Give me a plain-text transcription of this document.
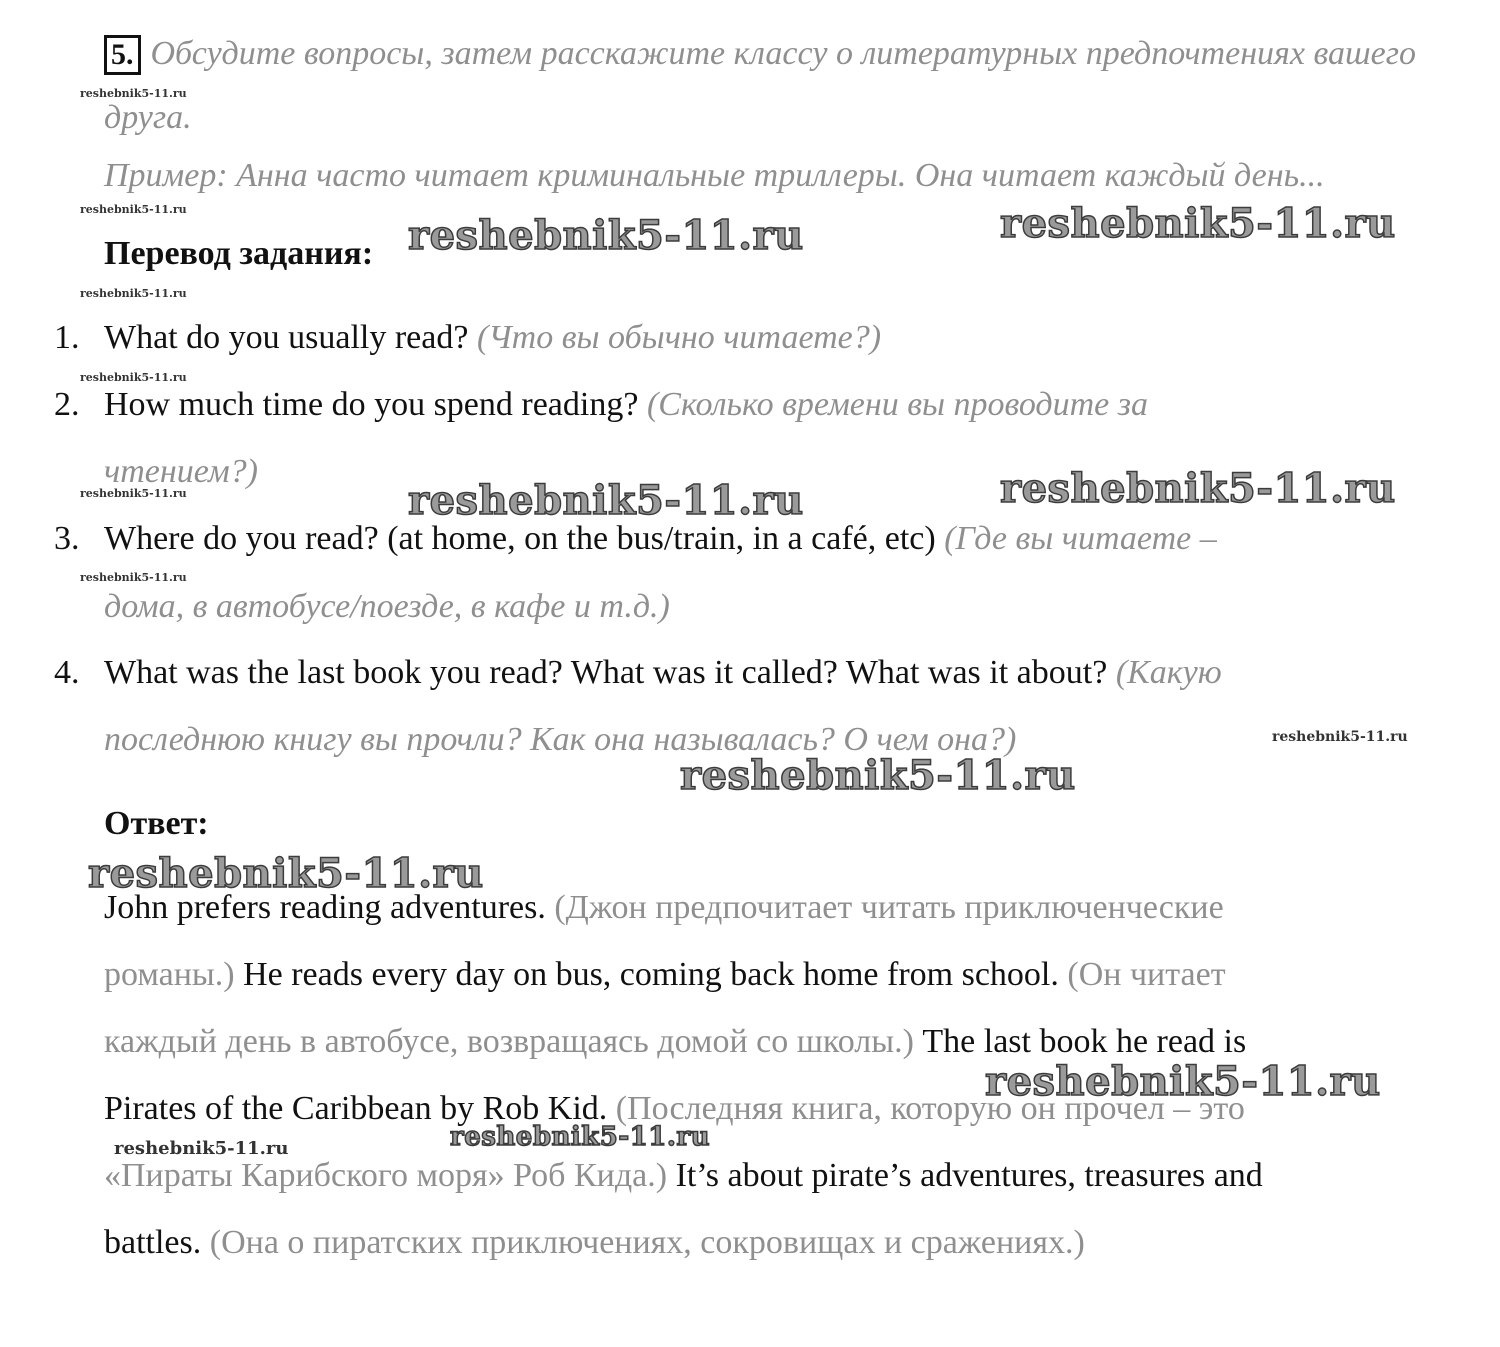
5. Обсудите вопросы, затем расскажите классу о литературных предпочтениях вашего
друга.
Пример: Анна часто читает криминальные триллеры. Она читает каждый день...
Перевод задания:
1. What do you usually read? (Что вы обычно читаете?)
2. How much time do you spend reading? (Сколько времени вы проводите за
чтением?)
3. Where do you read? (at home, on the bus/train, in a café, etc) (Где вы читаете –
дома, в автобусе/поезде, в кафе и т.д.)
4. What was the last book you read? What was it called? What was it about? (Какую
последнюю книгу вы прочли? Как она называлась? О чем она?)
Ответ:
John prefers reading adventures. (Джон предпочитает читать приключенческие
романы.) He reads every day on bus, coming back home from school. (Он читает
каждый день в автобусе, возвращаясь домой со школы.) The last book he read is
Pirates of the Caribbean by Rob Kid. (Последняя книга, которую он прочел – это
«Пираты Карибского моря» Роб Кида.) It’s about pirate’s adventures, treasures and
battles. (Она о пиратских приключениях, сокровищах и сражениях.)
reshebnik5-11.ru	reshebnik5-11.ru
reshebnik5-11.ru	reshebnik5-11.ru
reshebnik5-11.ru
reshebnik5-11.ru
reshebnik5-11.ru
reshebnik5-11.ru
reshebnik5-11.ru
reshebnik5-11.ru
reshebnik5-11.ru
reshebnik5-11.ru
reshebnik5-11.ru
reshebnik5-11.ru
reshebnik5-11.ru
reshebnik5-11.ru
